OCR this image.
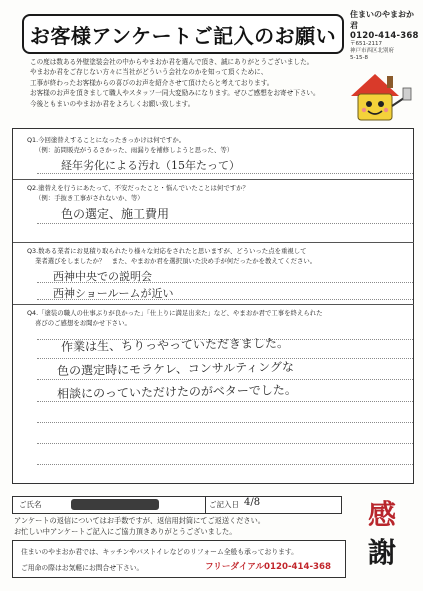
お客様アンケートご記入のお願い
住まいのやまおか君
0120-414-368
〒651-2117
神戸市西区北別府
5-15-8
この度は数ある外壁塗装会社の中からやまおか君を選んで頂き、誠にありがとうございました。
やまおか君をご存じない方々に当社がどういう会社なのかを知って頂くために、
工事が終わったお客様からの喜びのお声を紹介させて頂けたらと考えております。
お客様のお声を頂きまして職人やスタッフ一同大変励みになります。ぜひご感想をお寄せ下さい。
今後ともまいのやまおか君をよろしくお願い致します。
Q1.今回塗替えすることになったきっかけは何ですか。
（例：訪問販売がうるさかった、雨漏りを補修しようと思った、等）
経年劣化による汚れ（15年たって）
Q2.塗替えを行うにあたって、不安だったこと・悩んでいたことは何ですか？
（例：手抜き工事がされないか、等）
色の選定、施工費用
Q3.数ある業者にお見積り取られたり様々な対応をされたと思いますが、どういった点を重視して
業者選びをしましたか？　また、やまおか君を選択頂いた決め手が何だったかを教えてください。
西神中央での説明会
西神ショールームが近い
Q4.「塗装の職人の仕事ぶりが良かった」「仕上りに満足出来た」など、やまおか君で工事を終えられた
喜びのご感想をお聞かせ下さい。
作業は生、ちりっやっていただきました。
色の選定時にモラケレ、コンサルティングな
相談にのっていただけたのがベターでした。
ご氏名	ご記入日 4/8
アンケートの返信についてはお手数ですが、返信用封筒にてご返送ください。
お忙しい中アンケートご記入にご協力頂きありがとうございました。
感
謝
住まいのやまおか君では、キッチンやバストイレなどのリフォーム全般も承っております。
ご用命の際はお気軽にお問合せ下さい。	フリーダイアル0120-414-368
